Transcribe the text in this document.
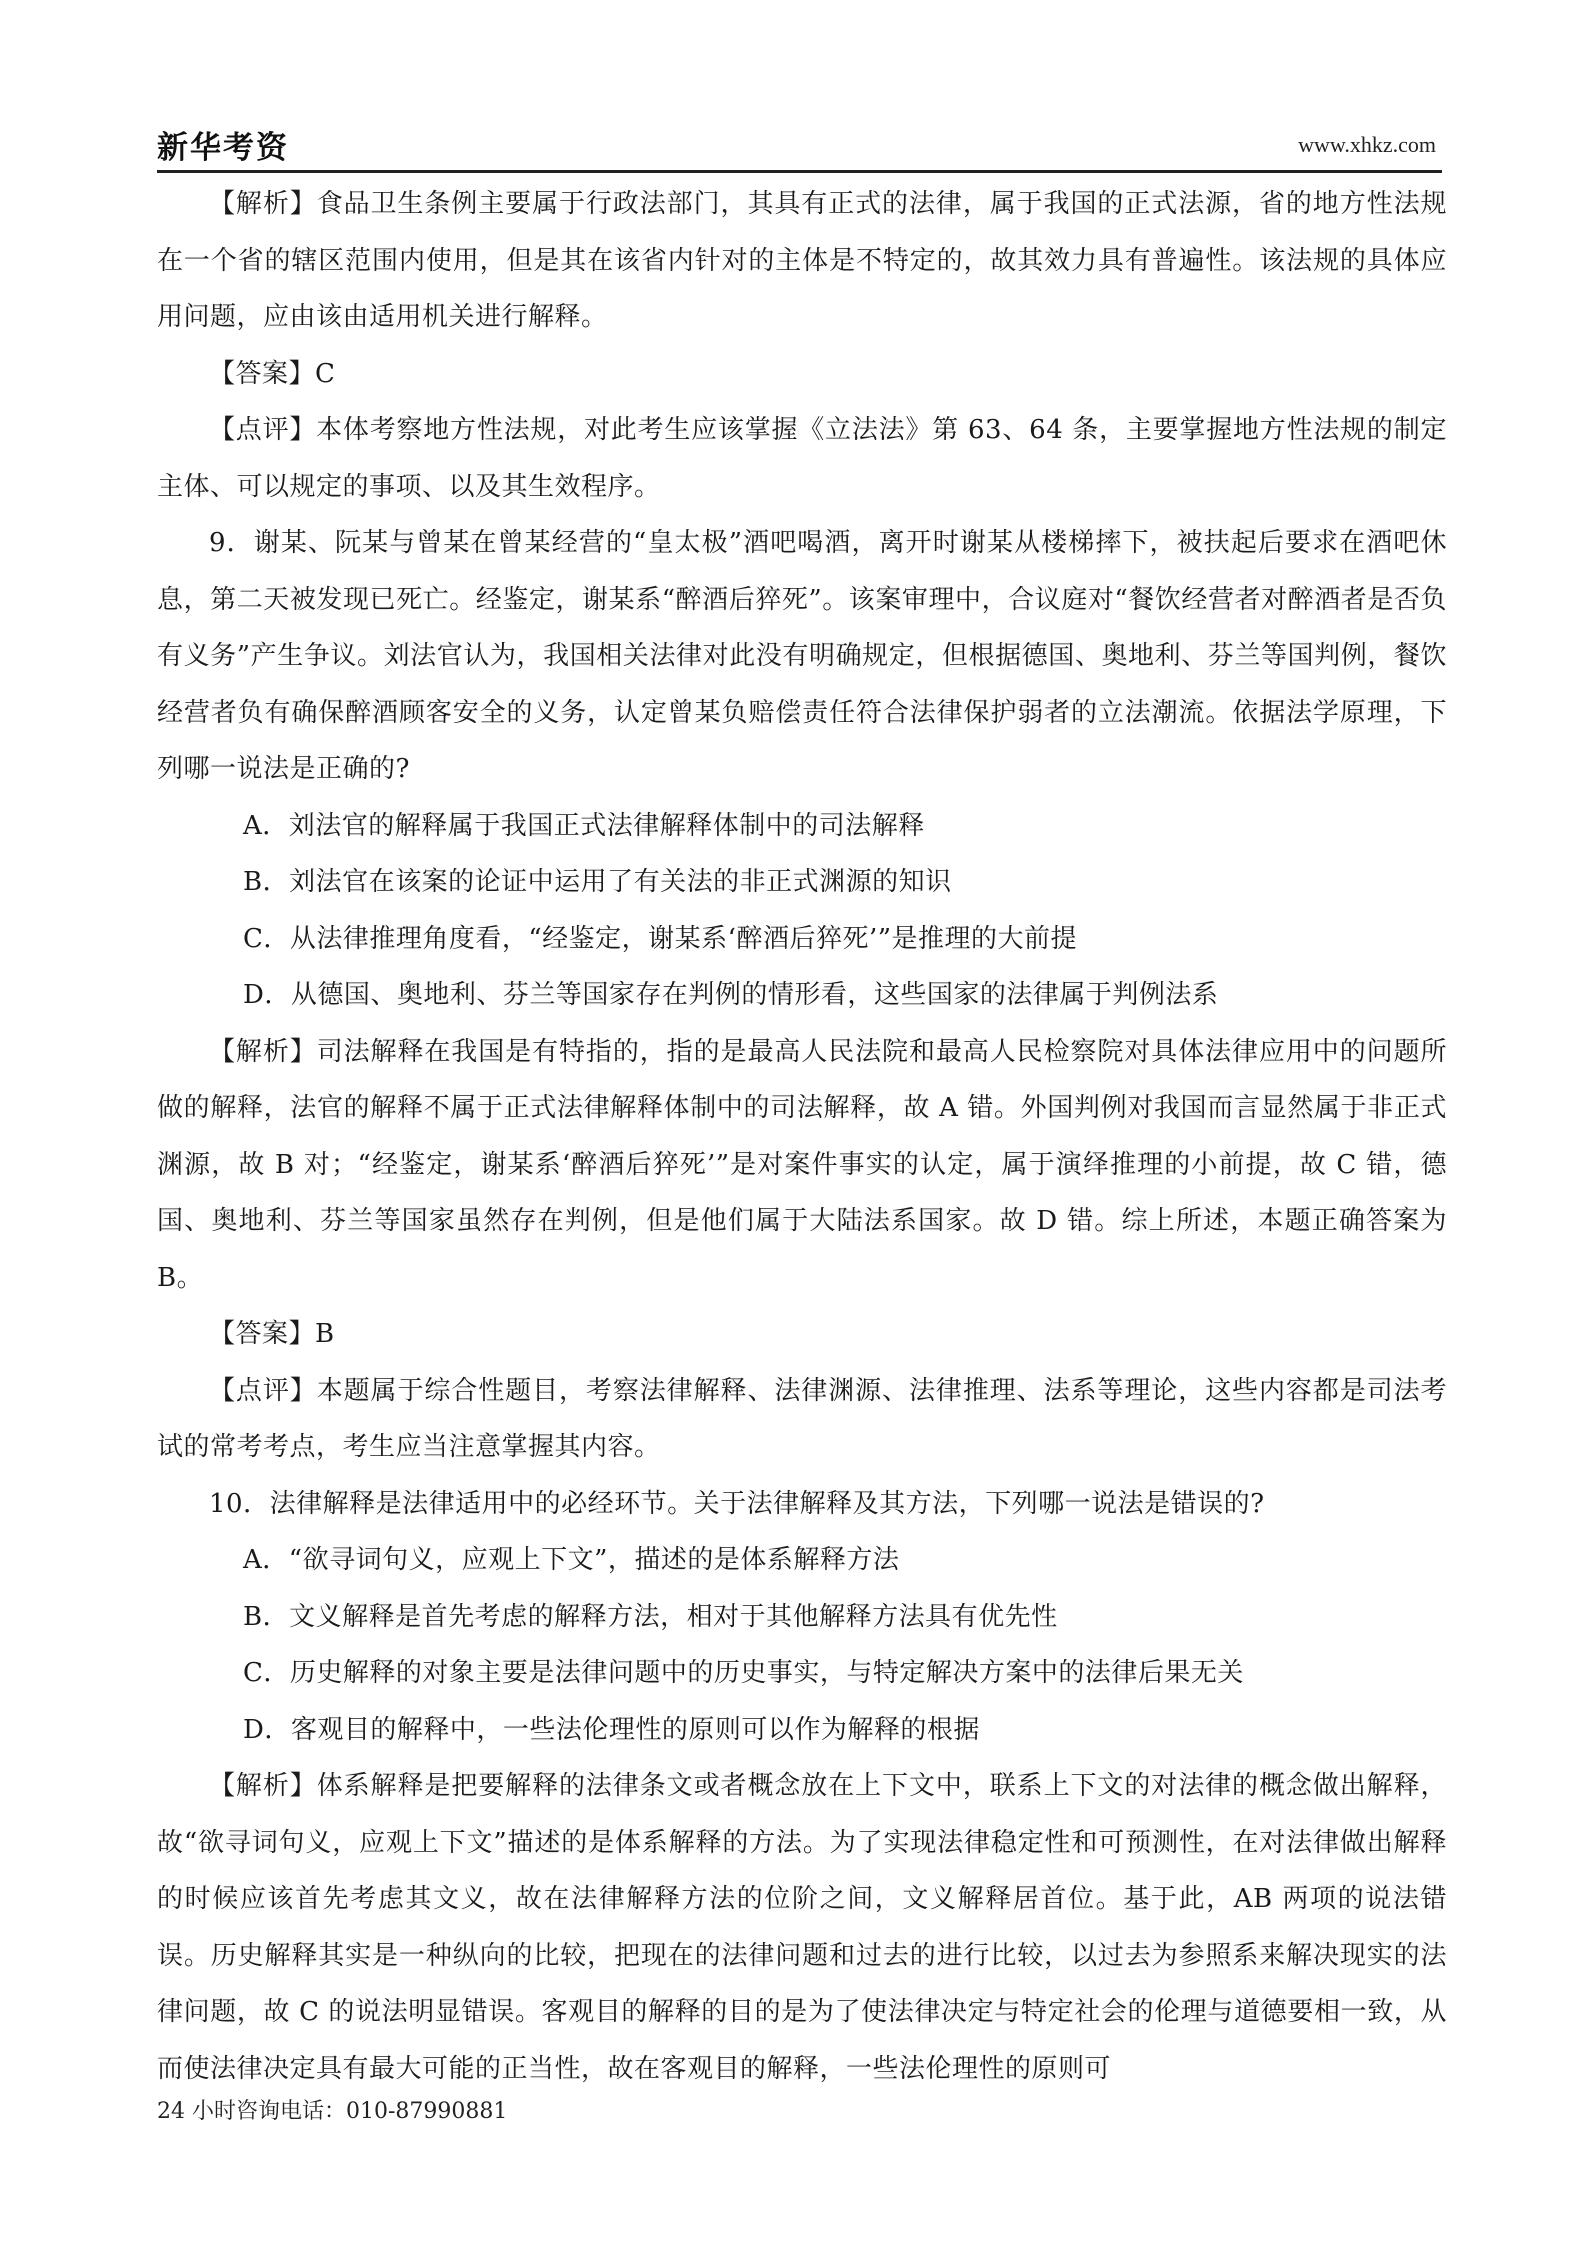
新华考资	www.xhkz.com

【解析】食品卫生条例主要属于行政法部门，其具有正式的法律，属于我国的正式法源，省的地方性法规在一个省的辖区范围内使用，但是其在该省内针对的主体是不特定的，故其效力具有普遍性。该法规的具体应用问题，应由该由适用机关进行解释。

【答案】C

【点评】本体考察地方性法规，对此考生应该掌握《立法法》第 63、64 条，主要掌握地方性法规的制定主体、可以规定的事项、以及其生效程序。

9．谢某、阮某与曾某在曾某经营的“皇太极”酒吧喝酒，离开时谢某从楼梯摔下，被扶起后要求在酒吧休息，第二天被发现已死亡。经鉴定，谢某系“醉酒后猝死”。该案审理中，合议庭对“餐饮经营者对醉酒者是否负有义务”产生争议。刘法官认为，我国相关法律对此没有明确规定，但根据德国、奥地利、芬兰等国判例，餐饮经营者负有确保醉酒顾客安全的义务，认定曾某负赔偿责任符合法律保护弱者的立法潮流。依据法学原理，下列哪一说法是正确的?

A．刘法官的解释属于我国正式法律解释体制中的司法解释

B．刘法官在该案的论证中运用了有关法的非正式渊源的知识

C．从法律推理角度看，“经鉴定，谢某系‘醉酒后猝死’”是推理的大前提

D．从德国、奥地利、芬兰等国家存在判例的情形看，这些国家的法律属于判例法系

【解析】司法解释在我国是有特指的，指的是最高人民法院和最高人民检察院对具体法律应用中的问题所做的解释，法官的解释不属于正式法律解释体制中的司法解释，故 A 错。外国判例对我国而言显然属于非正式渊源，故 B 对；“经鉴定，谢某系‘醉酒后猝死’”是对案件事实的认定，属于演绎推理的小前提，故 C 错，德国、奥地利、芬兰等国家虽然存在判例，但是他们属于大陆法系国家。故 D 错。综上所述，本题正确答案为 B。

【答案】B

【点评】本题属于综合性题目，考察法律解释、法律渊源、法律推理、法系等理论，这些内容都是司法考试的常考考点，考生应当注意掌握其内容。

10．法律解释是法律适用中的必经环节。关于法律解释及其方法，下列哪一说法是错误的?

A．“欲寻词句义，应观上下文”，描述的是体系解释方法

B．文义解释是首先考虑的解释方法，相对于其他解释方法具有优先性

C．历史解释的对象主要是法律问题中的历史事实，与特定解决方案中的法律后果无关

D．客观目的解释中，一些法伦理性的原则可以作为解释的根据

【解析】体系解释是把要解释的法律条文或者概念放在上下文中，联系上下文的对法律的概念做出解释，故“欲寻词句义，应观上下文”描述的是体系解释的方法。为了实现法律稳定性和可预测性，在对法律做出解释的时候应该首先考虑其文义，故在法律解释方法的位阶之间，文义解释居首位。基于此，AB 两项的说法错误。历史解释其实是一种纵向的比较，把现在的法律问题和过去的进行比较，以过去为参照系来解决现实的法律问题，故 C 的说法明显错误。客观目的解释的目的是为了使法律决定与特定社会的伦理与道德要相一致，从而使法律决定具有最大可能的正当性，故在客观目的解释，一些法伦理性的原则可

24 小时咨询电话：010-87990881
